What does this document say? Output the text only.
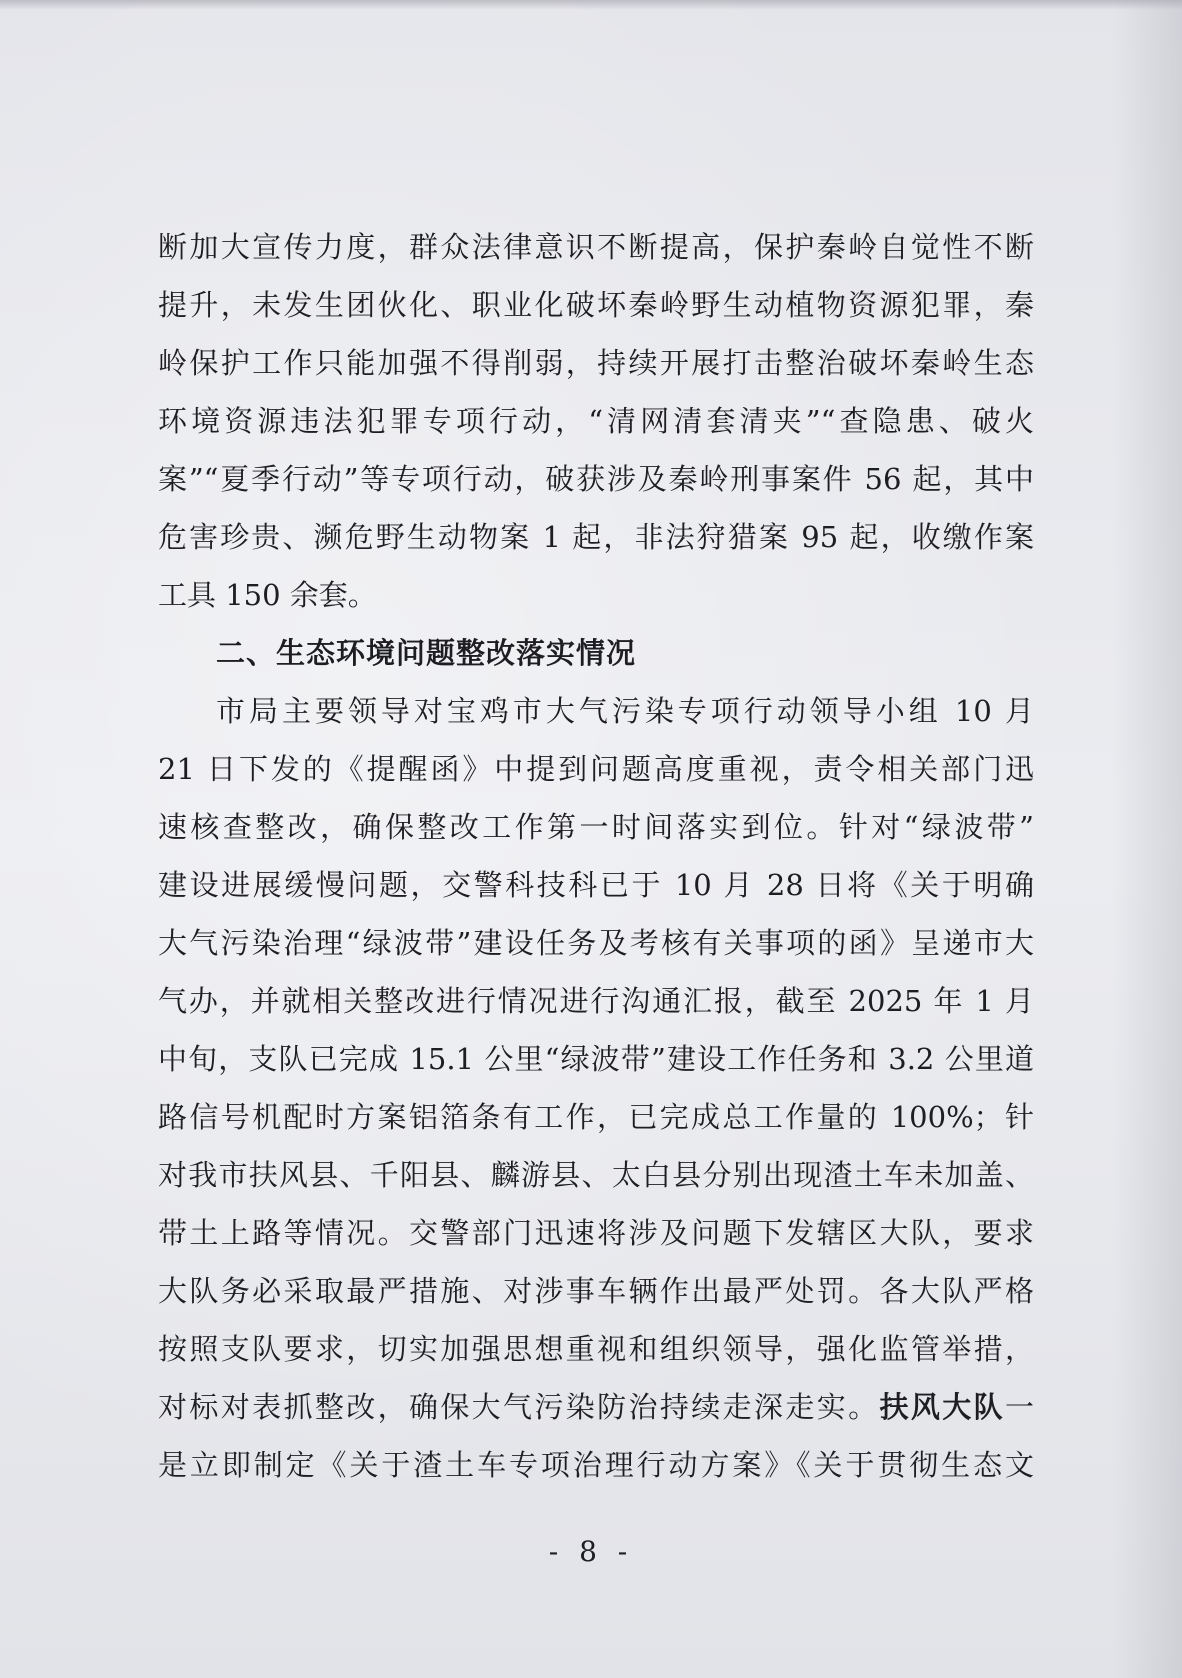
断加大宣传力度，群众法律意识不断提高，保护秦岭自觉性不断
提升，未发生团伙化、职业化破坏秦岭野生动植物资源犯罪，秦
岭保护工作只能加强不得削弱，持续开展打击整治破坏秦岭生态
环境资源违法犯罪专项行动，“清网清套清夹”“查隐患、破火
案”“夏季行动”等专项行动，破获涉及秦岭刑事案件 56 起，其中
危害珍贵、濒危野生动物案 1 起，非法狩猎案 95 起，收缴作案
工具 150 余套。
二、生态环境问题整改落实情况
市局主要领导对宝鸡市大气污染专项行动领导小组 10 月
21 日下发的《提醒函》中提到问题高度重视，责令相关部门迅
速核查整改，确保整改工作第一时间落实到位。针对“绿波带”
建设进展缓慢问题，交警科技科已于 10 月 28 日将《关于明确
大气污染治理“绿波带”建设任务及考核有关事项的函》呈递市大
气办，并就相关整改进行情况进行沟通汇报，截至 2025 年 1 月
中旬，支队已完成 15.1 公里“绿波带”建设工作任务和 3.2 公里道
路信号机配时方案铝箔条有工作，已完成总工作量的 100%；针
对我市扶风县、千阳县、麟游县、太白县分别出现渣土车未加盖、
带土上路等情况。交警部门迅速将涉及问题下发辖区大队，要求
大队务必采取最严措施、对涉事车辆作出最严处罚。各大队严格
按照支队要求，切实加强思想重视和组织领导，强化监管举措，
对标对表抓整改，确保大气污染防治持续走深走实。扶风大队一
是立即制定《关于渣土车专项治理行动方案》《关于贯彻生态文
- 8 -
